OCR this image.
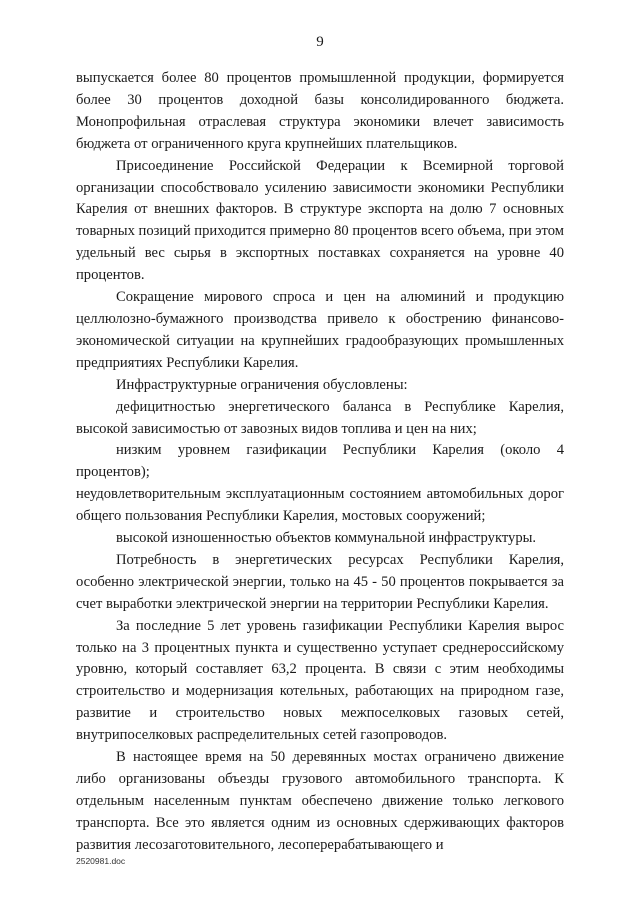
9

выпускается более 80 процентов промышленной продукции, формируется более 30 процентов доходной базы консолидированного бюджета. Монопрофильная отраслевая структура экономики влечет зависимость бюджета от ограниченного круга крупнейших плательщиков.

Присоединение Российской Федерации к Всемирной торговой организации способствовало усилению зависимости экономики Республики Карелия от внешних факторов. В структуре экспорта на долю 7 основных товарных позиций приходится примерно 80 процентов всего объема, при этом удельный вес сырья в экспортных поставках сохраняется на уровне 40 процентов.

Сокращение мирового спроса и цен на алюминий и продукцию целлюлозно-бумажного производства привело к обострению финансово-экономической ситуации на крупнейших градообразующих промышленных предприятиях Республики Карелия.

Инфраструктурные ограничения обусловлены:

дефицитностью энергетического баланса в Республике Карелия, высокой зависимостью от завозных видов топлива и цен на них;

низким уровнем газификации Республики Карелия (около 4 процентов);

неудовлетворительным эксплуатационным состоянием автомобильных дорог общего пользования Республики Карелия, мостовых сооружений;

высокой изношенностью объектов коммунальной инфраструктуры.

Потребность в энергетических ресурсах Республики Карелия, особенно электрической энергии, только на 45 - 50 процентов покрывается за счет выработки электрической энергии на территории Республики Карелия.

За последние 5 лет уровень газификации Республики Карелия вырос только на 3 процентных пункта и существенно уступает среднероссийскому уровню, который составляет 63,2 процента. В связи с этим необходимы строительство и модернизация котельных, работающих на природном газе, развитие и строительство новых межпоселковых газовых сетей, внутрипоселковых распределительных сетей газопроводов.

В настоящее время на 50 деревянных мостах ограничено движение либо организованы объезды грузового автомобильного транспорта. К отдельным населенным пунктам обеспечено движение только легкового транспорта. Все это является одним из основных сдерживающих факторов развития лесозаготовительного, лесоперерабатывающего и

2520981.doc
